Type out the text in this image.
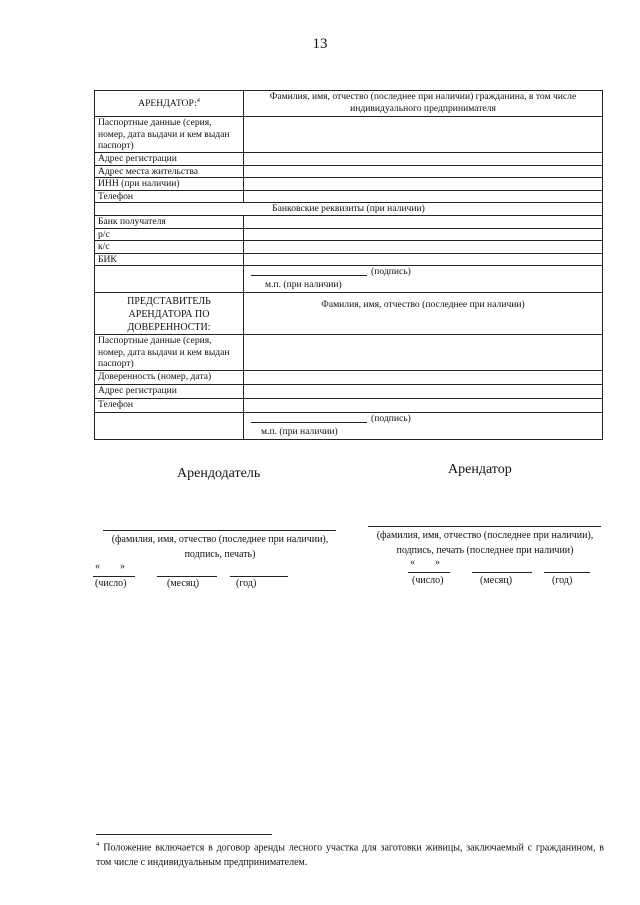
13
АРЕНДАТОР:$^4$	Фамилия, имя, отчество (последнее при наличии) гражданина, в том числе индивидуального предпринимателя
Паспортные данные (серия, номер, дата выдачи и кем выдан паспорт)	
Адрес регистрации	
Адрес места жительства	
ИНН (при наличии)	
Телефон	
Банковские реквизиты (при наличии)	
Банк получателя	
р/с	
к/с	
БИК	

	(подпись)
м.п. (при наличии)

ПРЕДСТАВИТЕЛЬ АРЕНДАТОРА ПО ДОВЕРЕННОСТИ:	Фамилия, имя, отчество (последнее при наличии)
Паспортные данные (серия, номер, дата выдачи и кем выдан паспорт)	
Доверенность (номер, дата)	
Адрес регистрации	
Телефон	

	(подпись)
м.п. (при наличии)
Арендодатель
(фамилия, имя, отчество (последнее при наличии),
подпись, печать)
« »
(число)	(месяц)	(год)
Арендатор
(фамилия, имя, отчество (последнее при наличии),
подпись, печать (последнее при наличии)
« »
(число)	(месяц)	(год)
$^4$ Положение включается в договор аренды лесного участка для заготовки живицы, заключаемый с гражданином, в том числе с индивидуальным предпринимателем.
